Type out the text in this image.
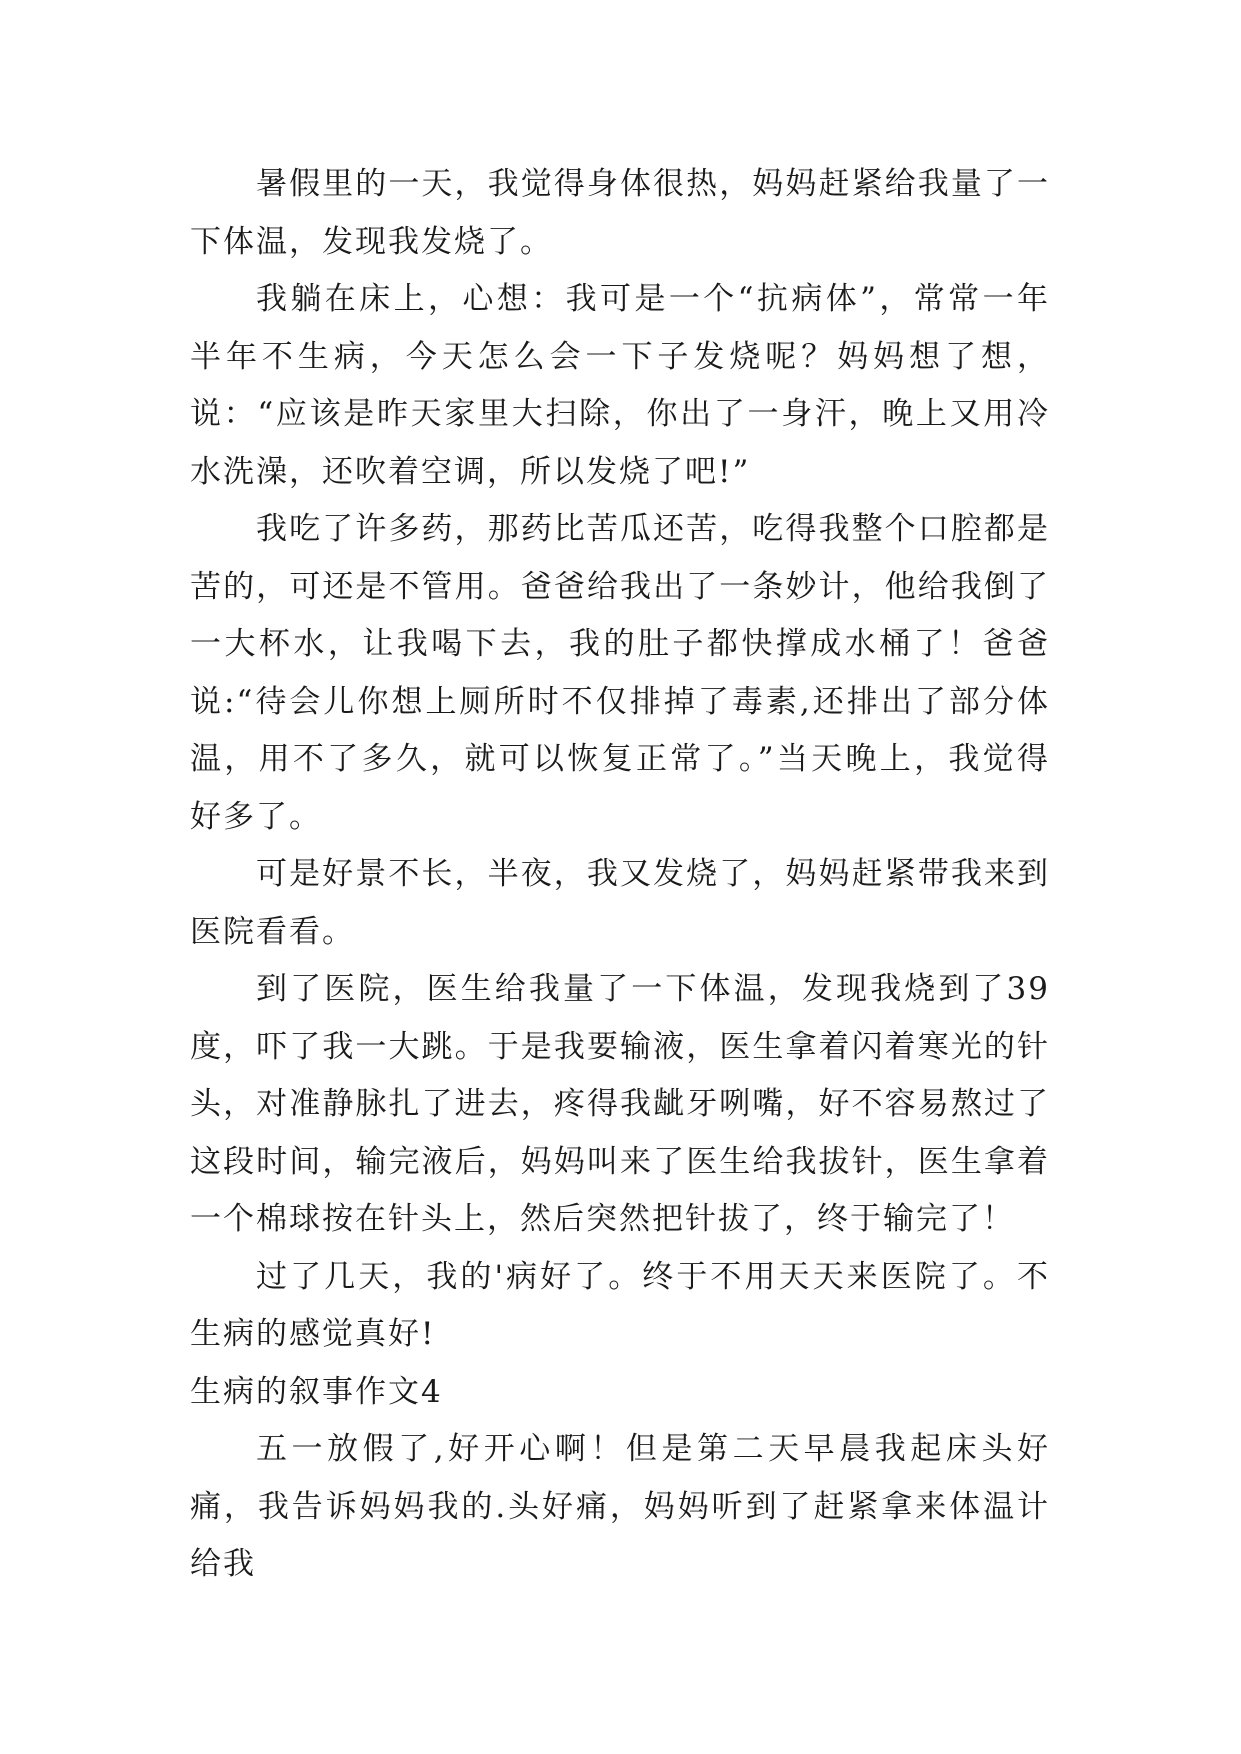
暑假里的一天，我觉得身体很热，妈妈赶紧给我量了一下体温，发现我发烧了。

我躺在床上，心想：我可是一个“抗病体”，常常一年半年不生病，今天怎么会一下子发烧呢？妈妈想了想，说：“应该是昨天家里大扫除，你出了一身汗，晚上又用冷水洗澡，还吹着空调，所以发烧了吧!”

我吃了许多药，那药比苦瓜还苦，吃得我整个口腔都是苦的，可还是不管用。爸爸给我出了一条妙计，他给我倒了一大杯水，让我喝下去，我的肚子都快撑成水桶了！爸爸说:“待会儿你想上厕所时不仅排掉了毒素,还排出了部分体温，用不了多久，就可以恢复正常了。”当天晚上，我觉得好多了。

可是好景不长，半夜，我又发烧了，妈妈赶紧带我来到医院看看。

到了医院，医生给我量了一下体温，发现我烧到了39度，吓了我一大跳。于是我要输液，医生拿着闪着寒光的针头，对准静脉扎了进去，疼得我龇牙咧嘴，好不容易熬过了这段时间，输完液后，妈妈叫来了医生给我拔针，医生拿着一个棉球按在针头上，然后突然把针拔了，终于输完了！

过了几天，我的'病好了。终于不用天天来医院了。不生病的感觉真好!

生病的叙事作文4

五一放假了,好开心啊！但是第二天早晨我起床头好痛，我告诉妈妈我的.头好痛，妈妈听到了赶紧拿来体温计给我
